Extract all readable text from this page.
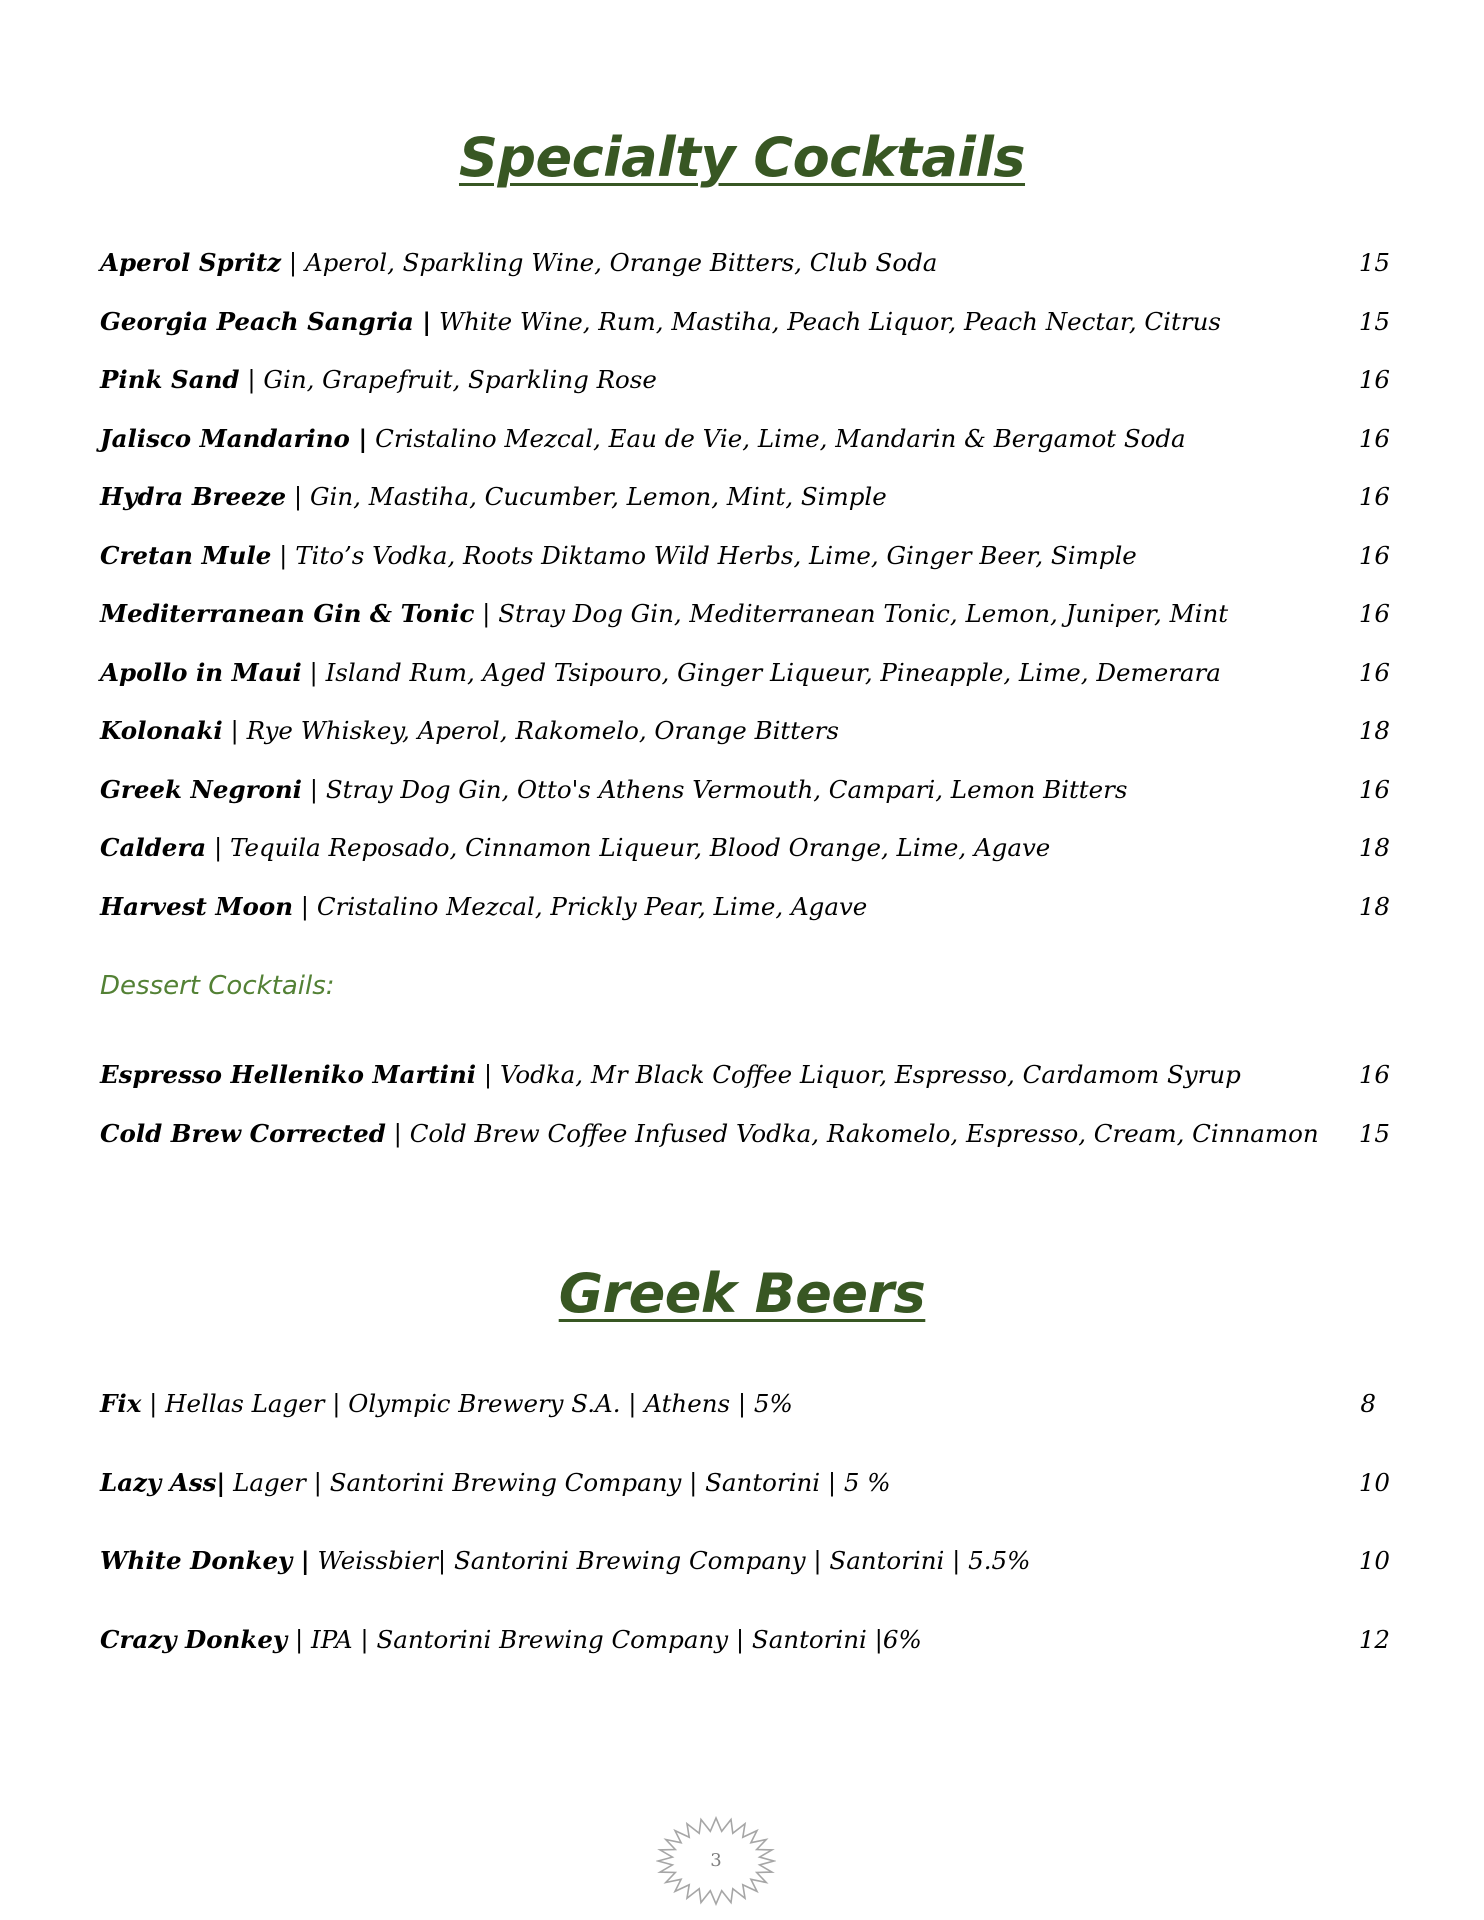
Specialty Cocktails
Aperol Spritz | Aperol, Sparkling Wine, Orange Bitters, Club Soda	15
Georgia Peach Sangria | White Wine, Rum, Mastiha, Peach Liquor, Peach Nectar, Citrus	15
Pink Sand | Gin, Grapefruit, Sparkling Rose	16
Jalisco Mandarino | Cristalino Mezcal, Eau de Vie, Lime, Mandarin & Bergamot Soda	16
Hydra Breeze | Gin, Mastiha, Cucumber, Lemon, Mint, Simple	16
Cretan Mule | Tito’s Vodka, Roots Diktamo Wild Herbs, Lime, Ginger Beer, Simple	16
Mediterranean Gin & Tonic | Stray Dog Gin, Mediterranean Tonic, Lemon, Juniper, Mint	16
Apollo in Maui | Island Rum, Aged Tsipouro, Ginger Liqueur, Pineapple, Lime, Demerara	16
Kolonaki | Rye Whiskey, Aperol, Rakomelo, Orange Bitters	18
Greek Negroni | Stray Dog Gin, Otto's Athens Vermouth, Campari, Lemon Bitters	16
Caldera | Tequila Reposado, Cinnamon Liqueur, Blood Orange, Lime, Agave	18
Harvest Moon | Cristalino Mezcal, Prickly Pear, Lime, Agave	18
Dessert Cocktails:
Espresso Helleniko Martini | Vodka, Mr Black Coffee Liquor, Espresso, Cardamom Syrup	16
Cold Brew Corrected | Cold Brew Coffee Infused Vodka, Rakomelo, Espresso, Cream, Cinnamon 15
Greek Beers
Fix | Hellas Lager | Olympic Brewery S.A. | Athens | 5%	8
Lazy Ass| Lager | Santorini Brewing Company | Santorini | 5 %	10
White Donkey | Weissbier| Santorini Brewing Company | Santorini | 5.5%	10
Crazy Donkey | IPA | Santorini Brewing Company | Santorini |6%	12
3
